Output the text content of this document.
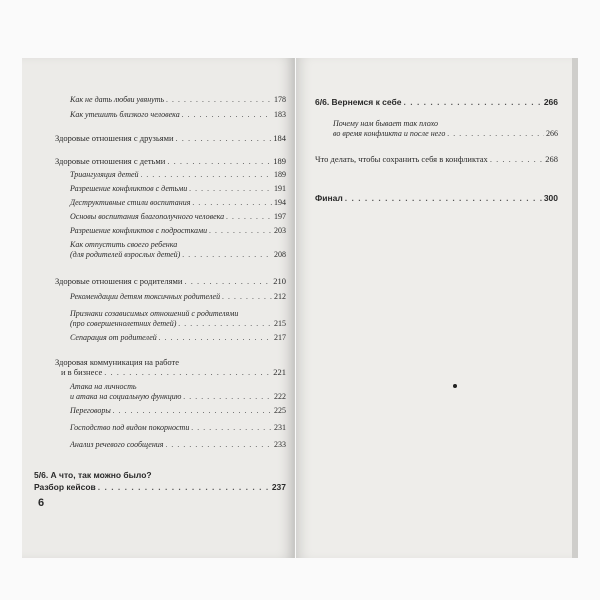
Как не дать любви увянуть . . .	178
Как утешить близкого человека . . .	183
Здоровые отношения с друзьями . . .	184
Здоровые отношения с детьми . . .	189
Триангуляция детей . . .	189
Разрешение конфликтов с детьми . . .	191
Деструктивные стили воспитания . . .	194
Основы воспитания благополучного человека . . .	197
Разрешение конфликтов с подростками . . .	203
Как отпустить своего ребенка
(для родителей взрослых детей) . . .	208
Здоровые отношения с родителями . . .	210
Рекомендации детям токсичных родителей . . .	212
Признаки созависимых отношений с родителями
(про совершеннолетних детей) . . .	215
Сепарация от родителей . . .	217
Здоровая коммуникация на работе
и в бизнесе . . .	221
Атака на личность
и атака на социальную функцию . . .	222
Переговоры . . .	225
Господство под видом покорности . . .	231
Анализ речевого сообщения . . .	233
5/6. А что, так можно было?
Разбор кейсов . . .	237
6
6/6. Вернемся к себе . . .	266
Почему нам бывает так плохо
во время конфликта и после него . . .	266
Что делать, чтобы сохранить себя в конфликтах . . .	268
Финал . . .	300
